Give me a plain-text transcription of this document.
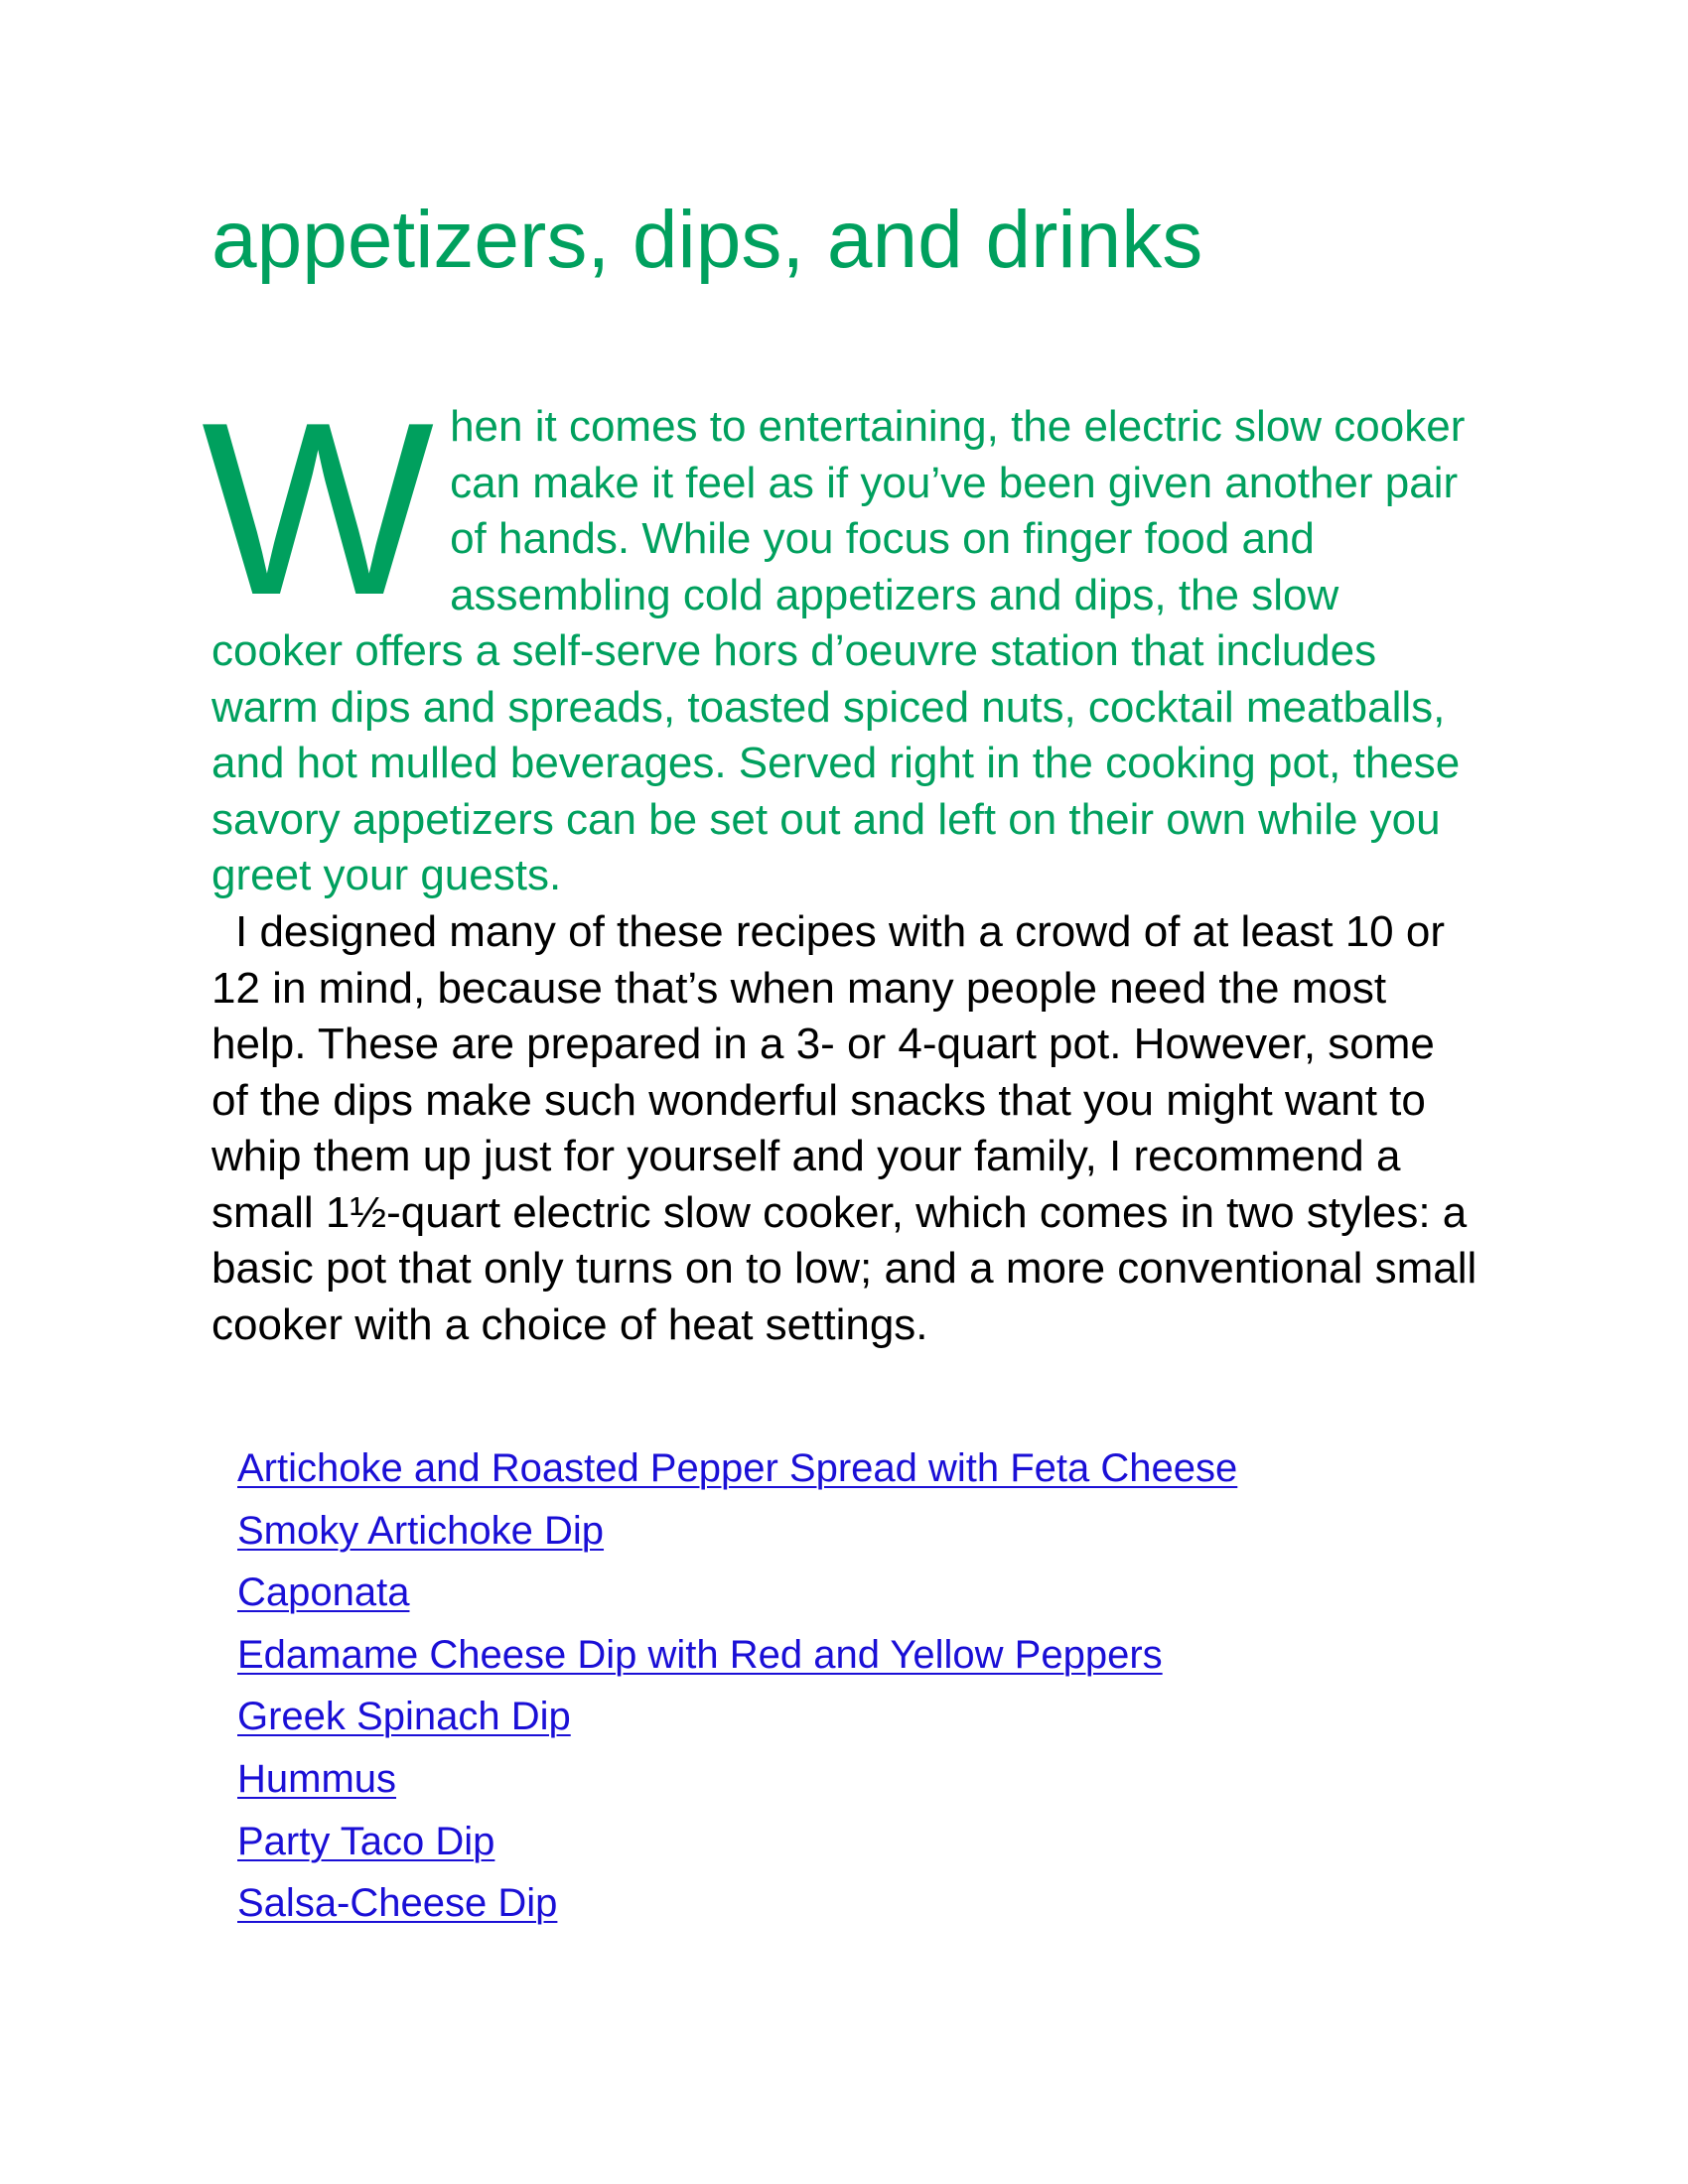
appetizers, dips, and drinks

When it comes to entertaining, the electric slow cooker can make it feel as if you’ve been given another pair of hands. While you focus on finger food and assembling cold appetizers and dips, the slow cooker offers a self-serve hors d’oeuvre station that includes warm dips and spreads, toasted spiced nuts, cocktail meatballs, and hot mulled beverages. Served right in the cooking pot, these savory appetizers can be set out and left on their own while you greet your guests.

I designed many of these recipes with a crowd of at least 10 or 12 in mind, because that’s when many people need the most help. These are prepared in a 3- or 4-quart pot. However, some of the dips make such wonderful snacks that you might want to whip them up just for yourself and your family, I recommend a small 1½-quart electric slow cooker, which comes in two styles: a basic pot that only turns on to low; and a more conventional small cooker with a choice of heat settings.

Artichoke and Roasted Pepper Spread with Feta Cheese
Smoky Artichoke Dip
Caponata
Edamame Cheese Dip with Red and Yellow Peppers
Greek Spinach Dip
Hummus
Party Taco Dip
Salsa-Cheese Dip
